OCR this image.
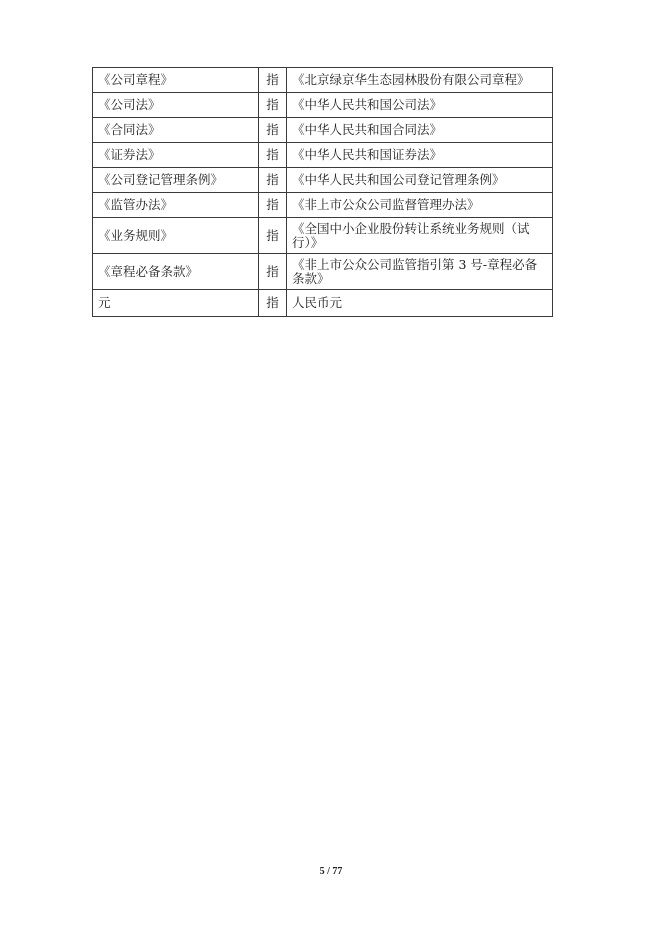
《公司章程》	指	《北京绿京华生态园林股份有限公司章程》
《公司法》	指	《中华人民共和国公司法》
《合同法》	指	《中华人民共和国合同法》
《证券法》	指	《中华人民共和国证券法》
《公司登记管理条例》	指	《中华人民共和国公司登记管理条例》
《监管办法》	指	《非上市公众公司监督管理办法》
《业务规则》	指	《全国中小企业股份转让系统业务规则（试行）》
《章程必备条款》	指	《非上市公众公司监管指引第 3 号-章程必备条款》
元	指	人民币元
5 / 77
